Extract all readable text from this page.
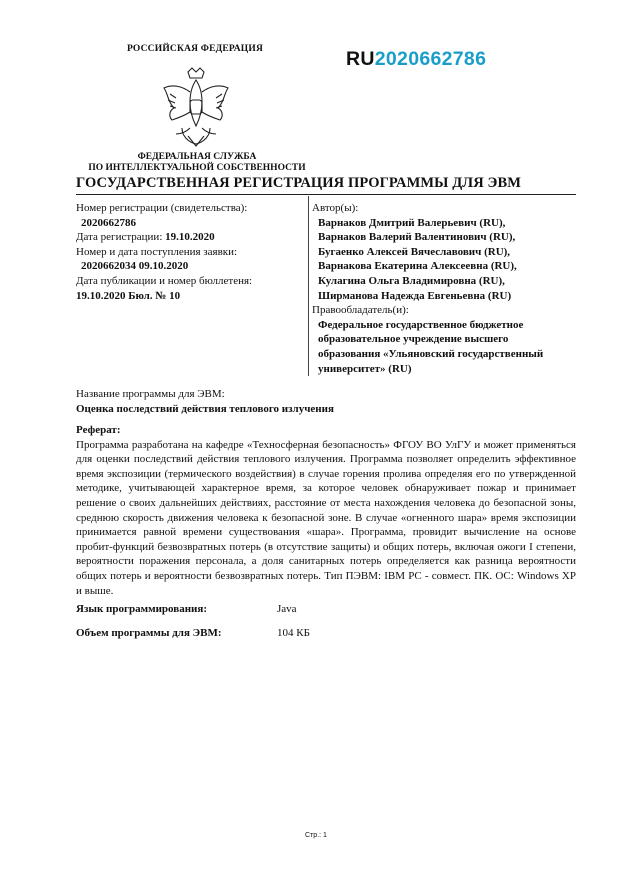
РОССИЙСКАЯ ФЕДЕРАЦИЯ
ФЕДЕРАЛЬНАЯ СЛУЖБА
ПО ИНТЕЛЛЕКТУАЛЬНОЙ СОБСТВЕННОСТИ
RU2020662786
ГОСУДАРСТВЕННАЯ РЕГИСТРАЦИЯ ПРОГРАММЫ ДЛЯ ЭВМ
Номер регистрации (свидетельства):
2020662786
Дата регистрации: 19.10.2020
Номер и дата поступления заявки:
2020662034 09.10.2020
Дата публикации и номер бюллетеня:
19.10.2020 Бюл. № 10
Автор(ы):
Варнаков Дмитрий Валерьевич (RU),
Варнаков Валерий Валентинович (RU),
Бугаенко Алексей Вячеславович (RU),
Варнакова Екатерина Алексеевна (RU),
Кулагина Ольга Владимировна (RU),
Ширманова Надежда Евгеньевна (RU)
Правообладатель(и):
Федеральное государственное бюджетное
образовательное учреждение высшего
образования «Ульяновский государственный
университет» (RU)
Название программы для ЭВМ:
Оценка последствий действия теплового излучения
Реферат:
Программа разработана на кафедре «Техносферная безопасность» ФГОУ ВО УлГУ и может применяться для оценки последствий действия теплового излучения. Программа позволяет определить эффективное время экспозиции (термического воздействия) в случае горения пролива определяя его по утвержденной методике, учитывающей характерное время, за которое человек обнаруживает пожар и принимает решение о своих дальнейших действиях, расстояние от места нахождения человека до безопасной зоны, среднюю скорость движения человека к безопасной зоне. В случае «огненного шара» время экспозиции принимается равной времени существования «шара». Программа, провидит вычисление на основе пробит-функций безвозвратных потерь (в отсутствие защиты) и общих потерь, включая ожоги I степени, вероятности поражения персонала, а доля санитарных потерь определяется как разница вероятности общих потерь и вероятности безвозвратных потерь. Тип ПЭВМ: IBM PC - совмест. ПК. ОС: Windows XP и выше.
Язык программирования:	Java
Объем программы для ЭВМ:	104 КБ
Стр.: 1
